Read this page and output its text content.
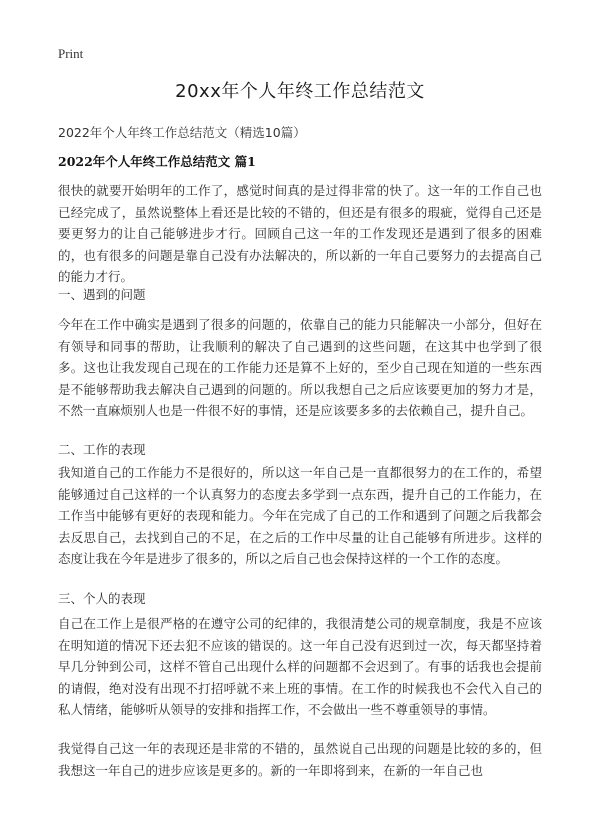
Print
20xx年个人年终工作总结范文
2022年个人年终工作总结范文（精选10篇）
2022年个人年终工作总结范文 篇1

很快的就要开始明年的工作了，感觉时间真的是过得非常的快了。这一年的工作自己也已经完成了，虽然说整体上看还是比较的不错的，但还是有很多的瑕疵，觉得自己还是要更努力的让自己能够进步才行。回顾自己这一年的工作发现还是遇到了很多的困难的，也有很多的问题是靠自己没有办法解决的，所以新的一年自己要努力的去提高自己的能力才行。

一、遇到的问题

今年在工作中确实是遇到了很多的问题的，依靠自己的能力只能解决一小部分，但好在有领导和同事的帮助，让我顺利的解决了自己遇到的这些问题，在这其中也学到了很多。这也让我发现自己现在的工作能力还是算不上好的，至少自己现在知道的一些东西是不能够帮助我去解决自己遇到的问题的。所以我想自己之后应该要更加的努力才是，不然一直麻烦别人也是一件很不好的事情，还是应该要多多的去依赖自己，提升自己。

二、工作的表现

我知道自己的工作能力不是很好的，所以这一年自己是一直都很努力的在工作的，希望能够通过自己这样的一个认真努力的态度去多学到一点东西，提升自己的工作能力，在工作当中能够有更好的表现和能力。今年在完成了自己的工作和遇到了问题之后我都会去反思自己，去找到自己的不足，在之后的工作中尽量的让自己能够有所进步。这样的态度让我在今年是进步了很多的，所以之后自己也会保持这样的一个工作的态度。

三、个人的表现

自己在工作上是很严格的在遵守公司的纪律的，我很清楚公司的规章制度，我是不应该在明知道的情况下还去犯不应该的错误的。这一年自己没有迟到过一次，每天都坚持着早几分钟到公司，这样不管自己出现什么样的问题都不会迟到了。有事的话我也会提前的请假，绝对没有出现不打招呼就不来上班的事情。在工作的时候我也不会代入自己的私人情绪，能够听从领导的安排和指挥工作，不会做出一些不尊重领导的事情。

我觉得自己这一年的表现还是非常的不错的，虽然说自己出现的问题是比较的多的，但我想这一年自己的进步应该是更多的。新的一年即将到来，在新的一年自己也
